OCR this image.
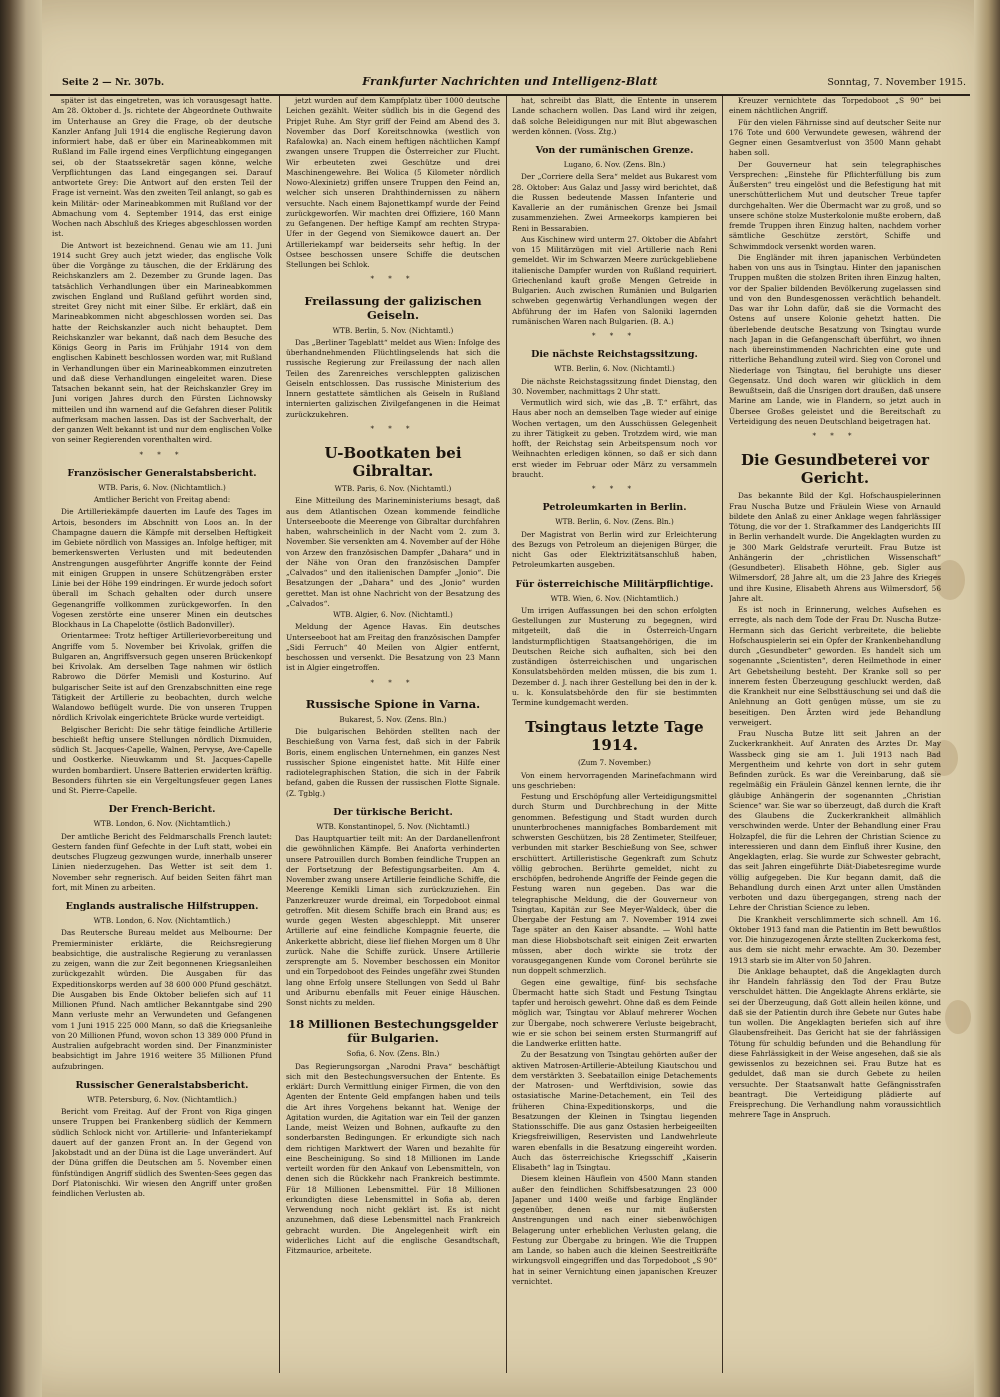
Seite 2 — Nr. 307b.	Frankfurter Nachrichten und Intelligenz-Blatt	Sonntag, 7. November 1915.

später ist das eingetreten, was ich vorausgesagt hatte. Am 28. Oktober d. Js. richtete der Abgeordnete Outhwaite im Unterhause an Grey die Frage, ob der deutsche Kanzler Anfang Juli 1914 die englische Regierung davon informiert habe, daß er über ein Marineabkommen mit Rußland im Falle irgend eines Verpflichtung eingegangen sei, ob der Staatssekretär sagen könne, welche Verpflichtungen das Land eingegangen sei. Darauf antwortete Grey: Die Antwort auf den ersten Teil der Frage ist verneint. Was den zweiten Teil anlangt, so gab es kein Militär- oder Marineabkommen mit Rußland vor der Abmachung vom 4. September 1914, das erst einige Wochen nach Abschluß des Krieges abgeschlossen worden ist.

Die Antwort ist bezeichnend. Genau wie am 11. Juni 1914 sucht Grey auch jetzt wieder, das englische Volk über die Vorgänge zu täuschen, die der Erklärung des Reichskanzlers am 2. Dezember zu Grunde lagen. Das tatsächlich Verhandlungen über ein Marineabkommen zwischen England und Rußland geführt worden sind, streitet Grey nicht mit einer Silbe. Er erklärt, daß ein Marineabkommen nicht abgeschlossen worden sei. Das hatte der Reichskanzler auch nicht behauptet. Dem Reichskanzler war bekannt, daß nach dem Besuche des Königs Georg in Paris im Frühjahr 1914 von dem englischen Kabinett beschlossen worden war, mit Rußland in Verhandlungen über ein Marineabkommen einzutreten und daß diese Verhandlungen eingeleitet waren. Diese Tatsachen bekannt sein, hat der Reichskanzler Grey im Juni vorigen Jahres durch den Fürsten Lichnowsky mitteilen und ihn warnend auf die Gefahren dieser Politik aufmerksam machen lassen. Das ist der Sachverhalt, der der ganzen Welt bekannt ist und nur dem englischen Volke von seiner Regierenden vorenthalten wird.

* * *
Französischer Generalstabsbericht.
WTB. Paris, 6. Nov. (Nichtamtlich.)
Amtlicher Bericht von Freitag abend:

Die Artilleriekämpfe dauerten im Laufe des Tages im Artois, besonders im Abschnitt von Loos an. In der Champagne dauern die Kämpfe mit derselben Heftigkeit im Gebiete nördlich von Massiges an. Infolge heftiger, mit bemerkenswerten Verlusten und mit bedeutenden Anstrengungen ausgeführter Angriffe konnte der Feind mit einigen Gruppen in unsere Schützengräben erster Linie bei der Höhe 199 eindringen. Er wurde jedoch sofort überall im Schach gehalten oder durch unsere Gegenangriffe vollkommen zurückgeworfen. In den Vogesen zerstörte eine unserer Minen ein deutsches Blockhaus in La Chapelotte (östlich Badonviller).

Orientarmee: Trotz heftiger Artillerievorbereitung und Angriffe vom 5. November bei Krivolak, griffen die Bulgaren an, Angriffsversuch gegen unseren Brückenkopf bei Krivolak. Am derselben Tage nahmen wir östlich Rabrowo die Dörfer Memisli und Kosturino. Auf bulgarischer Seite ist auf den Grenzabschnitten eine rege Tätigkeit der Artillerie zu beobachten, durch welche Walandowo beflügelt wurde. Die von unseren Truppen nördlich Krivolak eingerichtete Brücke wurde verteidigt.

Belgischer Bericht: Die sehr tätige feindliche Artillerie beschießt heftig unsere Stellungen nördlich Dixmuiden, südlich St. Jacques-Capelle, Walnen, Pervyse, Ave-Capelle und Oostkerke. Nieuwkamm und St. Jacques-Capelle wurden bombardiert. Unsere Batterien erwiderten kräftig. Besonders führten sie ein Vergeltungsfeuer gegen Lanes und St. Pierre-Capelle.

Der French-Bericht.
WTB. London, 6. Nov. (Nichtamtlich.)

Der amtliche Bericht des Feldmarschalls French lautet: Gestern fanden fünf Gefechte in der Luft statt, wobei ein deutsches Flugzeug gezwungen wurde, innerhalb unserer Linien niederzugehen. Das Wetter ist seit dem 1. November sehr regnerisch. Auf beiden Seiten fährt man fort, mit Minen zu arbeiten.

Englands australische Hilfstruppen.
WTB. London, 6. Nov. (Nichtamtlich.)

Das Reutersche Bureau meldet aus Melbourne: Der Premierminister erklärte, die Reichsregierung beabsichtige, die australische Regierung zu veranlassen zu zeigen, wann die zur Zeit begonnenen Kriegsanleihen zurückgezahlt würden. Die Ausgaben für das Expeditionskorps werden auf 38 600 000 Pfund geschätzt. Die Ausgaben bis Ende Oktober beliefen sich auf 11 Millionen Pfund. Nach amtlicher Bekanntgabe sind 290 Mann verluste mehr an Verwundeten und Gefangenen vom 1 Juni 1915 225 000 Mann, so daß die Kriegsanleihe von 20 Millionen Pfund, wovon schon 13 389 000 Pfund in Australien aufgebracht worden sind. Der Finanzminister beabsichtigt im Jahre 1916 weitere 35 Millionen Pfund aufzubringen.

Russischer Generalstabsbericht.
WTB. Petersburg, 6. Nov. (Nichtamtlich.)

Bericht vom Freitag. Auf der Front von Riga gingen unsere Truppen bei Frankenberg südlich der Kemmern südlich Schlock nicht vor. Artillerie- und Infanteriekampf dauert auf der ganzen Front an. In der Gegend von Jakobstadt und an der Düna ist die Lage unverändert. Auf der Düna griffen die Deutschen am 5. November einen fünfstündigen Angriff südlich des Swenten-Sees gegen das Dorf Platonischki. Wir wiesen den Angriff unter großen feindlichen Verlusten ab.

jetzt wurden auf dem Kampfplatz über 1000 deutsche Leichen gezählt. Weiter südlich bis in die Gegend des Pripjet Ruhe. Am Styr griff der Feind am Abend des 3. November das Dorf Koreitschnowka (westlich von Rafalowka) an. Nach einem heftigen nächtlichen Kampf zwangen unsere Truppen die Österreicher zur Flucht. Wir erbeuteten zwei Geschütze und drei Maschinengewehre. Bei Wolica (5 Kilometer nördlich Nowo-Alexinietz) griffen unsere Truppen den Feind an, welcher sich unseren Drahthindernissen zu nähern versuchte. Nach einem Bajonettkampf wurde der Feind zurückgeworfen. Wir machten drei Offiziere, 160 Mann zu Gefangenen. Der heftige Kampf am rechten Strypa-Ufer in der Gegend von Siemikowce dauert an. Der Artilleriekampf war beiderseits sehr heftig. In der Ostsee beschossen unsere Schiffe die deutschen Stellungen bei Schlok.

* * *
Freilassung der galizischen Geiseln.
WTB. Berlin, 5. Nov. (Nichtamtl.)

Das „Berliner Tageblatt“ meldet aus Wien: Infolge des überhandnehmenden Flüchtlingselends hat sich die russische Regierung zur Freilassung der nach allen Teilen des Zarenreiches verschleppten galizischen Geiseln entschlossen. Das russische Ministerium des Innern gestattete sämtlichen als Geiseln in Rußland internierten galizischen Zivilgefangenen in die Heimat zurückzukehren.

* * *
U-Bootkaten bei Gibraltar.
WTB. Paris, 6. Nov. (Nichtamtl.)

Eine Mitteilung des Marineministeriums besagt, daß aus dem Atlantischen Ozean kommende feindliche Unterseeboote die Meerenge von Gibraltar durchfahren haben, wahrscheinlich in der Nacht vom 2. zum 3. November. Sie versenkten am 4. November auf der Höhe von Arzew den französischen Dampfer „Dahara“ und in der Nähe von Oran den französischen Dampfer „Calvados“ und den italienischen Dampfer „Jonio“. Die Besatzungen der „Dahara“ und des „Jonio“ wurden gerettet. Man ist ohne Nachricht von der Besatzung des „Calvados“.

WTB. Algier, 6. Nov. (Nichtamtl.)

Meldung der Agence Havas. Ein deutsches Unterseeboot hat am Freitag den französischen Dampfer „Sidi Ferruch“ 40 Meilen von Algier entfernt, beschossen und versenkt. Die Besatzung von 23 Mann ist in Algier eingetroffen.

* * *
Russische Spione in Varna.
Bukarest, 5. Nov. (Zens. Bln.)

Die bulgarischen Behörden stellten nach der Beschießung von Varna fest, daß sich in der Fabrik Boris, einem englischen Unternehmen, ein ganzes Nest russischer Spione eingenistet hatte. Mit Hilfe einer radiotelegraphischen Station, die sich in der Fabrik befand, gaben die Russen der russischen Flotte Signale. (Z. Tgblg.)

Der türkische Bericht.
WTB. Konstantinopel, 5. Nov. (Nichtamtl.)

Das Hauptquartier teilt mit: An der Dardanellenfront die gewöhnlichen Kämpfe. Bei Anaforta verhinderten unsere Patrouillen durch Bomben feindliche Truppen an der Fortsetzung der Befestigungsarbeiten. Am 4. November zwang unsere Artillerie feindliche Schiffe, die Meerenge Kemikli Liman sich zurückzuziehen. Ein Panzerkreuzer wurde dreimal, ein Torpedoboot einmal getroffen. Mit diesem Schiffe brach ein Brand aus; es wurde gegen Westen abgeschleppt. Mit unserer Artillerie auf eine feindliche Kompagnie feuerte, die Ankerkette abbricht, diese lief fliehen Morgen um 8 Uhr zurück. Nahe die Schiffe zurück. Unsere Artillerie zersprengte am 5. November beschossen ein Monitor und ein Torpedoboot des Feindes ungefähr zwei Stunden lang ohne Erfolg unsere Stellungen von Sedd ul Bahr und Ariburnu ebenfalls mit Feuer einige Häuschen. Sonst nichts zu melden.

18 Millionen Bestechungsgelder für Bulgarien.
Sofia, 6. Nov. (Zens. Bln.)

Das Regierungsorgan „Narodni Prava“ beschäftigt sich mit den Bestechungsversuchen der Entente. Es erklärt: Durch Vermittlung einiger Firmen, die von den Agenten der Entente Geld empfangen haben und teils die Art ihres Vorgehens bekannt hat. Wenige der Agitation wurden, die Agitation war ein Teil der ganzen Lande, meist Weizen und Bohnen, aufkaufte zu den sonderbarsten Bedingungen. Er erkundigte sich nach dem richtigen Marktwert der Waren und bezahlte für eine Bescheinigung. So sind 18 Millionen im Lande verteilt worden für den Ankauf von Lebensmitteln, von denen sich die Rückkehr nach Frankreich bestimmte. Für 18 Millionen Lebensmittel. Für 18 Millionen erkundigten diese Lebensmittel in Sofia ab, deren Verwendung noch nicht geklärt ist. Es ist nicht anzunehmen, daß diese Lebensmittel nach Frankreich gebracht wurden. Die Angelegenheit wirft ein widerliches Licht auf die englische Gesandtschaft, Fitzmaurice, arbeitete.

hat, schreibt das Blatt, die Entente in unserem Lande schachern wollen. Das Land wird ihr zeigen, daß solche Beleidigungen nur mit Blut abgewaschen werden können. (Voss. Ztg.)

Von der rumänischen Grenze.
Lugano, 6. Nov. (Zens. Bln.)

Der „Corriere della Sera“ meldet aus Bukarest vom 28. Oktober: Aus Galaz und Jassy wird berichtet, daß die Russen bedeutende Massen Infanterie und Kavallerie an der rumänischen Grenze bei Jsmail zusammenziehen. Zwei Armeekorps kampieren bei Reni in Bessarabien.

Aus Kischinew wird unterm 27. Oktober die Abfahrt von 15 Militärzügen mit viel Artillerie nach Reni gemeldet. Wir im Schwarzen Meere zurückgebliebene italienische Dampfer wurden von Rußland requiriert. Griechenland kauft große Mengen Getreide in Bulgarien. Auch zwischen Rumänien und Bulgarien schweben gegenwärtig Verhandlungen wegen der Abführung der im Hafen von Saloniki lagernden rumänischen Waren nach Bulgarien. (B. A.)

* * *
Die nächste Reichstagssitzung.
WTB. Berlin, 6. Nov. (Nichtamtl.)

Die nächste Reichstagssitzung findet Dienstag, den 30. November, nachmittags 2 Uhr statt.

Vermutlich wird sich, wie das „B. T.“ erfährt, das Haus aber noch an demselben Tage wieder auf einige Wochen vertagen, um den Ausschüssen Gelegenheit zu ihrer Tätigkeit zu geben. Trotzdem wird, wie man hofft, der Reichstag sein Arbeitspensum noch vor Weihnachten erledigen können, so daß er sich dann erst wieder im Februar oder März zu versammeln braucht.

* * *
Petroleumkarten in Berlin.
WTB. Berlin, 6. Nov. (Zens. Bln.)

Der Magistrat von Berlin wird zur Erleichterung des Bezugs von Petroleum an diejenigen Bürger, die nicht Gas oder Elektrizitätsanschluß haben, Petroleumkarten ausgeben.

Für österreichische Militärpflichtige.
WTB. Wien, 6. Nov. (Nichtamtlich.)

Um irrigen Auffassungen bei den schon erfolgten Gestellungen zur Musterung zu begegnen, wird mitgeteilt, daß die in Österreich-Ungarn landsturmpflichtigen Staatsangehörigen, die im Deutschen Reiche sich aufhalten, sich bei den zuständigen österreichischen und ungarischen Konsulatsbehörden melden müssen, die bis zum 1. Dezember d. J. nach ihrer Gestellung bei den in der k. u. k. Konsulatsbehörde den für sie bestimmten Termine kundgemacht werden.

Tsingtaus letzte Tage 1914.
(Zum 7. November.)

Von einem hervorragenden Marinefachmann wird uns geschrieben:

Festung und Erschöpfung aller Verteidigungsmittel durch Sturm und Durchbrechung in der Mitte genommen. Befestigung und Stadt wurden durch ununterbrochenes mannigfaches Bombardement mit schwersten Geschützen, bis 28 Zentimeter, Steilfeuer, verbunden mit starker Beschießung von See, schwer erschüttert. Artilleristische Gegenkraft zum Schutz völlig gebrochen. Berührte gemeldet, nicht zu erschöpfen, bedrohende Angriffe der Feinde gegen die Festung waren nun gegeben. Das war die telegraphische Meldung, die der Gouverneur von Tsingtau, Kapitän zur See Meyer-Waldeck, über die Übergabe der Festung am 7. November 1914 zwei Tage später an den Kaiser absandte. — Wohl hatte man diese Hiobsbotschaft seit einigen Zeit erwarten müssen, aber doch wirkte sie trotz der vorausgegangenen Kunde vom Coronel berührte sie nun doppelt schmerzlich.

Gegen eine gewaltige, fünf- bis sechsfache Übermacht hatte sich Stadt und Festung Tsingtau tapfer und heroisch gewehrt. Ohne daß es dem Feinde möglich war, Tsingtau vor Ablauf mehrerer Wochen zur Übergabe, noch schwerere Verluste beigebracht, wie er sie schon bei seinem ersten Sturmangriff auf die Landwerke erlitten hatte.

Zu der Besatzung von Tsingtau gehörten außer der aktiven Matrosen-Artillerie-Abteilung Kiautschou und dem verstärkten 3. Seebataillon einige Detachements der Matrosen- und Werftdivision, sowie das ostasiatische Marine-Detachement, ein Teil des früheren China-Expeditionskorps, und die Besatzungen der Kleinen in Tsingtau liegenden Stationsschiffe. Die aus ganz Ostasien herbeigeeilten Kriegsfreiwilligen, Reservisten und Landwehrleute waren ebenfalls in die Besatzung eingereiht worden. Auch das österreichische Kriegsschiff „Kaiserin Elisabeth“ lag in Tsingtau.

Diesem kleinen Häuflein von 4500 Mann standen außer den feindlichen Schiffsbesatzungen 23 000 Japaner und 1400 weiße und farbige Engländer gegenüber, denen es nur mit äußersten Anstrengungen und nach einer siebenwöchigen Belagerung unter erheblichen Verlusten gelang, die Festung zur Übergabe zu bringen. Wie die Truppen am Lande, so haben auch die kleinen Seestreitkräfte wirkungsvoll eingegriffen und das Torpedoboot „S 90“ hat in seiner Vernichtung einen japanischen Kreuzer vernichtet.

Kreuzer vernichtete das Torpedoboot „S 90“ bei einem nächtlichen Angriff.

Für den vielen Fährnisse sind auf deutscher Seite nur 176 Tote und 600 Verwundete gewesen, während der Gegner einen Gesamtverlust von 3500 Mann gehabt haben soll.

Der Gouverneur hat sein telegraphisches Versprechen: „Einstehe für Pflichterfüllung bis zum Äußersten“ treu eingelöst und die Befestigung hat mit unerschütterlichem Mut und deutscher Treue tapfer durchgehalten. Wer die Übermacht war zu groß, und so unsere schöne stolze Musterkolonie mußte erobern, daß fremde Truppen ihren Einzug halten, nachdem vorher sämtliche Geschütze zerstört, Schiffe und Schwimmdock versenkt worden waren.

Die Engländer mit ihren japanischen Verbündeten haben von uns aus in Tsingtau. Hinter den japanischen Truppen mußten die stolzen Briten ihren Einzug halten, vor der Spalier bildenden Bevölkerung zugelassen sind und von den Bundesgenossen verächtlich behandelt. Das war ihr Lohn dafür, daß sie die Vormacht des Ostens auf unsere Kolonie gehetzt hatten. Die überlebende deutsche Besatzung von Tsingtau wurde nach Japan in die Gefangenschaft überführt, wo ihnen nach übereinstimmenden Nachrichten eine gute und ritterliche Behandlung zuteil wird. Sieg von Coronel und Niederlage von Tsingtau, fiel beruhigte uns dieser Gegensatz. Und doch waren wir glücklich in dem Bewußtsein, daß die Unsrigen dort draußen, daß unsere Marine am Lande, wie in Flandern, so jetzt auch in Übersee Großes geleistet und die Bereitschaft zu Verteidigung des neuen Deutschland beigetragen hat.

* * *
Die Gesundbeterei vor Gericht.

Das bekannte Bild der Kgl. Hofschauspielerinnen Frau Nuscha Butze und Fräulein Wiese von Arnauld bildete den Anlaß zu einer Anklage wegen fahrlässiger Tötung, die vor der 1. Strafkammer des Landgerichts III in Berlin verhandelt wurde. Die Angeklagten wurden zu je 300 Mark Geldstrafe verurteilt. Frau Butze ist Anhängerin der „christlichen Wissenschaft“ (Gesundbeter). Elisabeth Höhne, geb. Sigler aus Wilmersdorf, 28 Jahre alt, um die 23 Jahre des Krieges und ihre Kusine, Elisabeth Ahrens aus Wilmersdorf, 56 Jahre alt.

Es ist noch in Erinnerung, welches Aufsehen es erregte, als nach dem Tode der Frau Dr. Nuscha Butze-Hermann sich das Gericht verbreitete, die beliebte Hofschauspielerin sei ein Opfer der Krankenbehandlung durch „Gesundbeter“ geworden. Es handelt sich um sogenannte „Scientisten“, deren Heilmethode in einer Art Gebetsheilung besteht. Der Kranke soll so per innerem festen Überzeugung geschluckt werden, daß die Krankheit nur eine Selbsttäuschung sei und daß die Anlehnung an Gott genügen müsse, um sie zu beseitigen. Den Ärzten wird jede Behandlung verweigert.

Frau Nuscha Butze litt seit Jahren an der Zuckerkrankheit. Auf Anraten des Arztes Dr. May Wassbeck ging sie am 1. Juli 1913 nach Bad Mergentheim und kehrte von dort in sehr gutem Befinden zurück. Es war die Vereinbarung, daß sie regelmäßig ein Fräulein Gänzel kennen lernte, die ihr gläubige Anhängerin der sogenannten „Christian Science“ war. Sie war so überzeugt, daß durch die Kraft des Glaubens die Zuckerkrankheit allmählich verschwinden werde. Unter der Behandlung einer Frau Holzapfel, die für die Lehren der Christian Science zu interessieren und dann dem Einfluß ihrer Kusine, den Angeklagten, erlag. Sie wurde zur Schwester gebracht, das seit Jahren eingeführte Diät-Diabetesregime wurde völlig aufgegeben. Die Kur begann damit, daß die Behandlung durch einen Arzt unter allen Umständen verboten und dazu übergegangen, streng nach der Lehre der Christian Science zu leben.

Die Krankheit verschlimmerte sich schnell. Am 16. Oktober 1913 fand man die Patientin im Bett bewußtlos vor. Die hinzugezogenen Ärzte stellten Zuckerkoma fest, aus dem sie nicht mehr erwachte. Am 30. Dezember 1913 starb sie im Alter von 50 Jahren.

Die Anklage behauptet, daß die Angeklagten durch ihr Handeln fahrlässig den Tod der Frau Butze verschuldet hätten. Die Angeklagte Ahrens erklärte, sie sei der Überzeugung, daß Gott allein heilen könne, und daß sie der Patientin durch ihre Gebete nur Gutes habe tun wollen. Die Angeklagten beriefen sich auf ihre Glaubensfreiheit. Das Gericht hat sie der fahrlässigen Tötung für schuldig befunden und die Behandlung für diese Fahrlässigkeit in der Weise angesehen, daß sie als gewissenlos zu bezeichnen sei. Frau Butze hat es geduldet, daß man sie durch Gebete zu heilen versuchte. Der Staatsanwalt hatte Gefängnisstrafen beantragt. Die Verteidigung plädierte auf Freisprechung. Die Verhandlung nahm voraussichtlich mehrere Tage in Anspruch.
